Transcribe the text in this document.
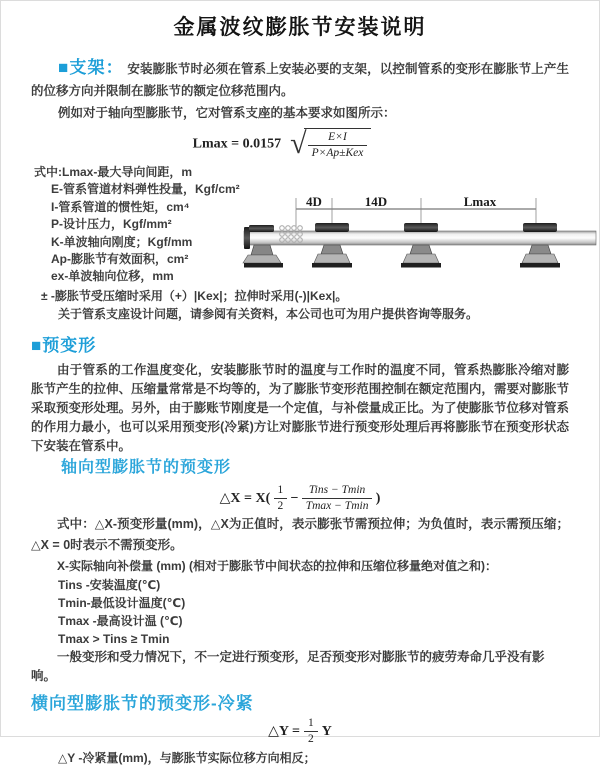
金属波纹膨胀节安装说明
■支架： 安装膨胀节时必须在管系上安装必要的支架，以控制管系的变形在膨胀节上产生的位移方向并限制在膨胀节的额定位移范围内。
例如对于轴向型膨胀节，它对管系支座的基本要求如图所示：
Lmax = 0.0157 √ $\frac{E\times I}{\text{P×Ap±Kex}}$
式中:Lmax-最大导向间距，m
E-管系管道材料弹性投量，Kgf/cm²
I-管系管道的惯性矩，cm⁴
P-设计压力，Kgf/mm²
K-单波轴向刚度；Kgf/mm
Ap-膨胀节有效面积，cm²
ex-单波轴向位移，mm
± -膨胀节受压缩时采用（+）|Kex|；拉伸时采用(-)|Kex|。
关于管系支座设计问题，请参阅有关资料，本公司也可为用户提供咨询等服务。
4D	14D	Lmax
■预变形
由于管系的工作温度变化，安装膨胀节时的温度与工作时的温度不同，管系热膨胀冷缩对膨胀节产生的拉伸、压缩量常常是不均等的，为了膨胀节变形范围控制在额定范围内，需要对膨胀节采取预变形处理。另外，由于膨账节刚度是一个定值，与补偿量成正比。为了使膨胀节位移对管系的作用力最小，也可以采用预变形(冷紧)方让对膨胀节进行预变形处理后再将膨胀节在预变形状态下安装在管系中。
轴向型膨胀节的预变形
△X = $X( \frac{1}{2} - \frac{\text{Tins − Tmin}}{Tmax - Tmin}$ )
式中：△X-预变形量(mm)，△X为正值时，表示膨张节需预拉伸；为负值时，表示需预压缩；△X = 0时表示不需预变形。
X-实际轴向补偿量 (mm) (相对于膨胀节中间状态的拉伸和压缩位移量绝对值之和)：
Tins -安装温度(℃)
Tmin-最低设计温度(℃)
Tmax -最高设计温 (℃)
Tmax > Tins ≥ Tmin
一般变形和受力情况下，不一定进行预变形，足否预变形对膨胀节的疲劳寿命几乎没有影响。
横向型膨胀节的预变形-冷紧
△Y = $\frac{1}{2}$ Y
△Y -冷紧量(mm)，与膨胀节实际位移方向相反；
